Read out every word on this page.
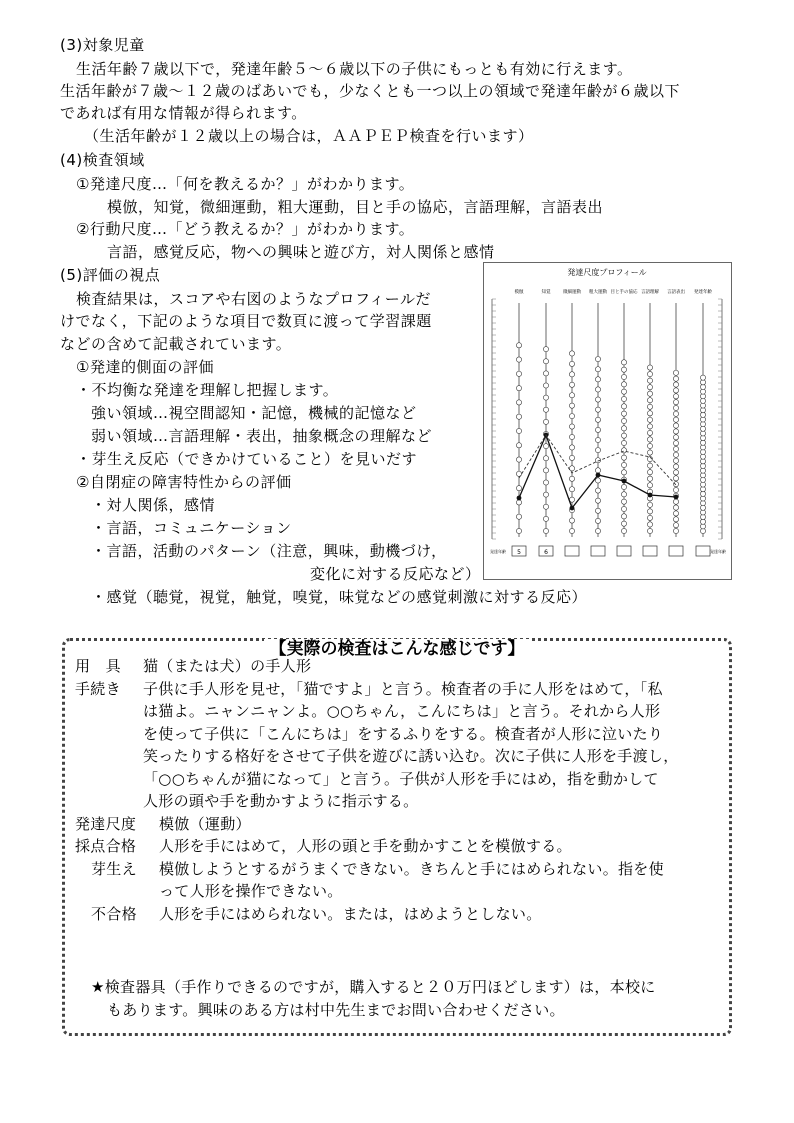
(3)対象児童
生活年齢７歳以下で，発達年齢５～６歳以下の子供にもっとも有効に行えます。
生活年齢が７歳～１２歳のばあいでも，少なくとも一つ以上の領域で発達年齢が６歳以下
であれば有用な情報が得られます。
（生活年齢が１２歳以上の場合は，ＡＡＰＥＰ検査を行います）
(4)検査領域
①発達尺度…「何を教えるか？」がわかります。
模倣，知覚，微細運動，粗大運動，目と手の協応，言語理解，言語表出
②行動尺度…「どう教えるか？」がわかります。
言語，感覚反応，物への興味と遊び方，対人関係と感情
(5)評価の視点
検査結果は，スコアや右図のようなプロフィールだ
けでなく，下記のような項目で数頁に渡って学習課題
などの含めて記載されています。
①発達的側面の評価
・不均衡な発達を理解し把握します。
強い領域…視空間認知・記憶，機械的記憶など
弱い領域…言語理解・表出，抽象概念の理解など
・芽生え反応（できかけていること）を見いだす
②自閉症の障害特性からの評価
・対人関係，感情
・言語，コミュニケーション
・言語，活動のパターン（注意，興味，動機づけ，
変化に対する反応など）
・感覚（聴覚，視覚，触覚，嗅覚，味覚などの感覚刺激に対する反応）
発達尺度プロフィール
模倣	知覚	微細運動 粗大運動 目と手の協応 言語理解 言語表出 発達年齢
発達年齢	発達年齢
5	6
【実際の検査はこんな感じです】
用　具 猫（または犬）の手人形
手続き 子供に手人形を見せ，「猫ですよ」と言う。検査者の手に人形をはめて，「私
は猫よ。ニャンニャンよ。○○ちゃん，こんにちは」と言う。それから人形
を使って子供に「こんにちは」をするふりをする。検査者が人形に泣いたり
笑ったりする格好をさせて子供を遊びに誘い込む。次に子供に人形を手渡し，
「○○ちゃんが猫になって」と言う。子供が人形を手にはめ，指を動かして
人形の頭や手を動かすように指示する。
発達尺度 模倣（運動）
採点合格 人形を手にはめて，人形の頭と手を動かすことを模倣する。
芽生え 模倣しようとするがうまくできない。きちんと手にはめられない。指を使
って人形を操作できない。
不合格 人形を手にはめられない。または，はめようとしない。
★検査器具（手作りできるのですが，購入すると２０万円ほどします）は，本校に
もあります。興味のある方は村中先生までお問い合わせください。
